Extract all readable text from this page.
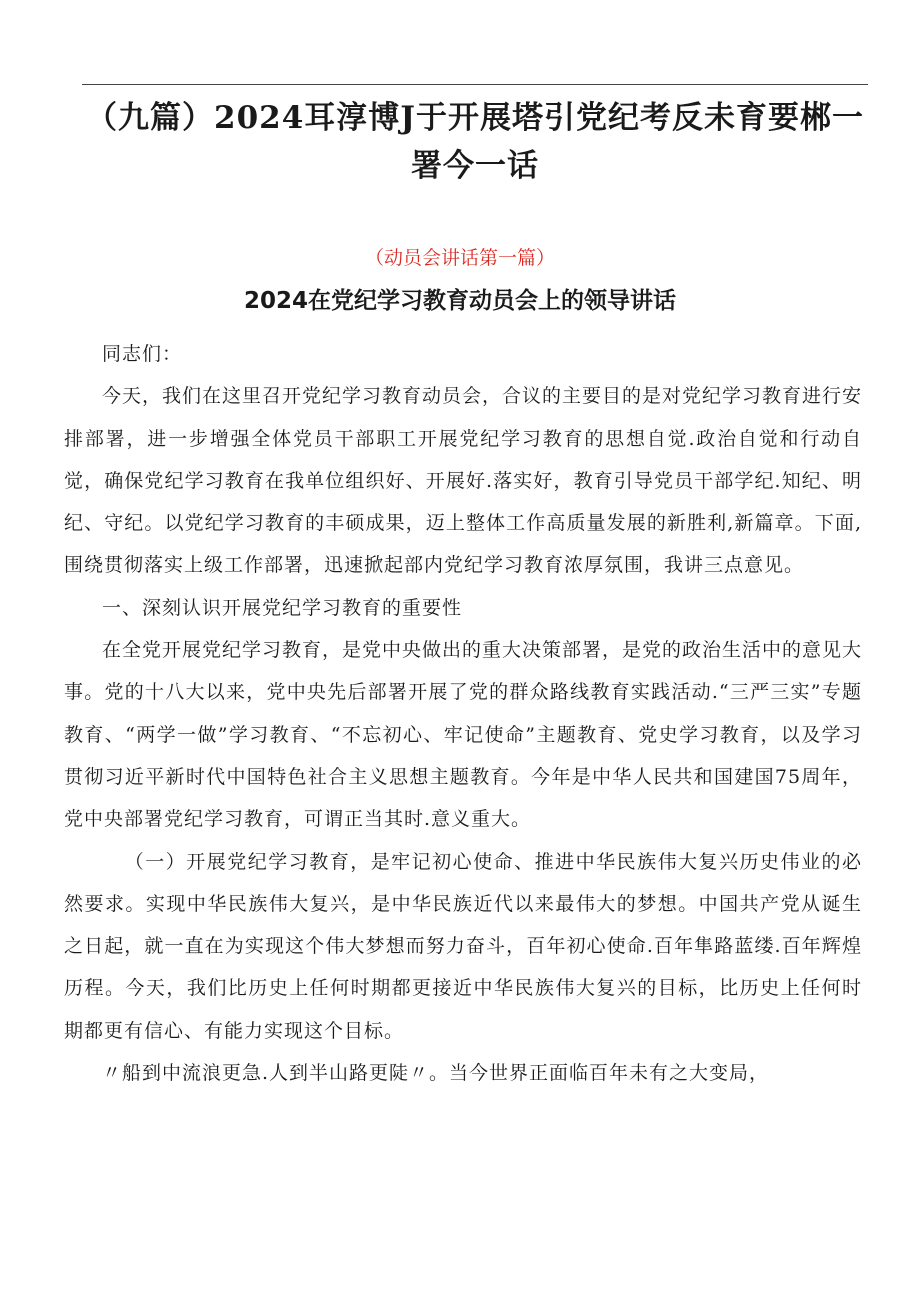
（九篇）2024耳淳博J于开展塔引党纪考反未育要郴一署今一话
（动员会讲话第一篇）
2024在党纪学习教育动员会上的领导讲话

同志们：

今天，我们在这里召开党纪学习教育动员会，合议的主要目的是对党纪学习教育进行安排部署，进一步增强全体党员干部职工开展党纪学习教育的思想自觉.政治自觉和行动自觉，确保党纪学习教育在我单位组织好、开展好.落实好，教育引导党员干部学纪.知纪、明纪、守纪。以党纪学习教育的丰硕成果，迈上整体工作高质量发展的新胜利,新篇章。下面,围绕贯彻落实上级工作部署，迅速掀起部内党纪学习教育浓厚氛围，我讲三点意见。

一、深刻认识开展党纪学习教育的重要性

在全党开展党纪学习教育，是党中央做出的重大决策部署，是党的政治生活中的意见大事。党的十八大以来，党中央先后部署开展了党的群众路线教育实践活动.“三严三实”专题教育、“两学一做”学习教育、“不忘初心、牢记使命”主题教育、党史学习教育，以及学习贯彻习近平新时代中国特色社合主义思想主题教育。今年是中华人民共和国建国75周年，党中央部署党纪学习教育，可谓正当其时.意义重大。

（一）开展党纪学习教育，是牢记初心使命、推进中华民族伟大复兴历史伟业的必然要求。实现中华民族伟大复兴，是中华民族近代以来最伟大的梦想。中国共产党从诞生之日起，就一直在为实现这个伟大梦想而努力奋斗，百年初心使命.百年隼路蓝缕.百年辉煌历程。今天，我们比历史上任何时期都更接近中华民族伟大复兴的目标，比历史上任何时期都更有信心、有能力实现这个目标。

〃船到中流浪更急.人到半山路更陡〃。当今世界正面临百年未有之大变局，
